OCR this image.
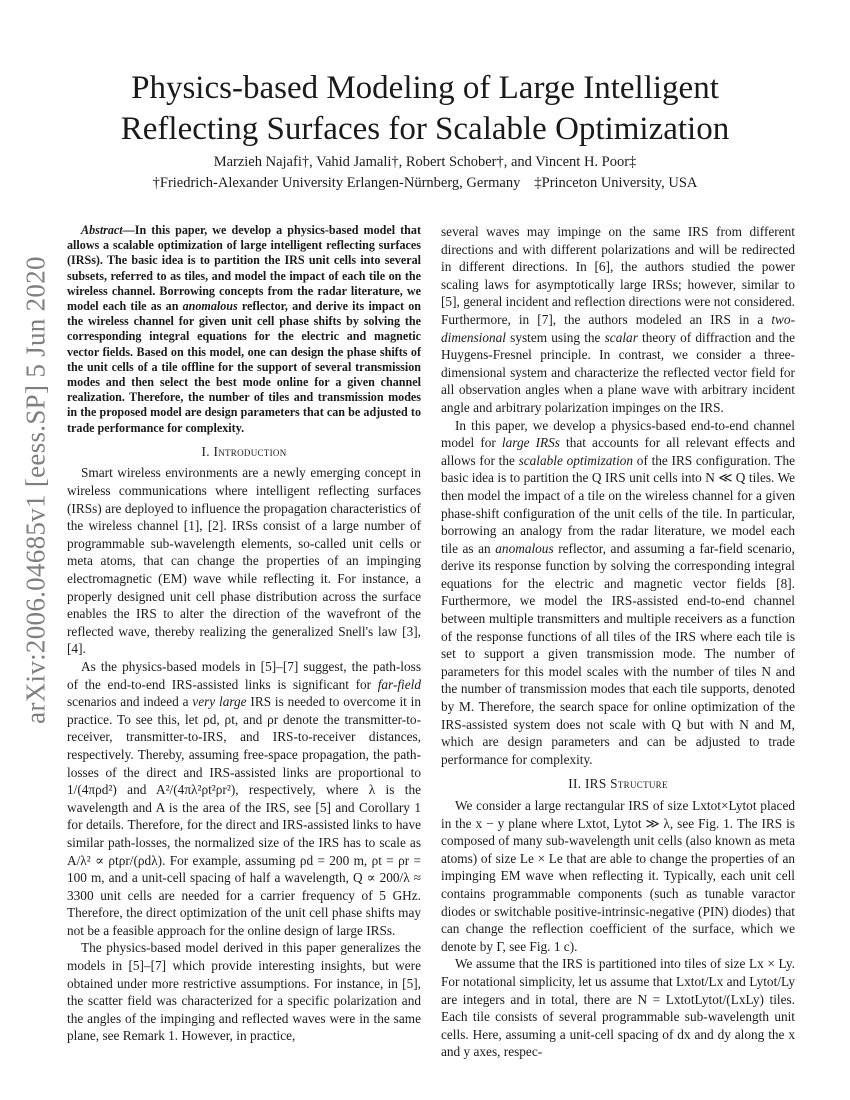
arXiv:2006.04685v1 [eess.SP] 5 Jun 2020
Physics-based Modeling of Large Intelligent
Reflecting Surfaces for Scalable Optimization
Marzieh Najafi†, Vahid Jamali†, Robert Schober†, and Vincent H. Poor‡
†Friedrich-Alexander University Erlangen-Nürnberg, Germany ‡Princeton University, USA

Abstract—In this paper, we develop a physics-based model that allows a scalable optimization of large intelligent reflecting surfaces (IRSs). The basic idea is to partition the IRS unit cells into several subsets, referred to as tiles, and model the impact of each tile on the wireless channel. Borrowing concepts from the radar literature, we model each tile as an anomalous reflector, and derive its impact on the wireless channel for given unit cell phase shifts by solving the corresponding integral equations for the electric and magnetic vector fields. Based on this model, one can design the phase shifts of the unit cells of a tile offline for the support of several transmission modes and then select the best mode online for a given channel realization. Therefore, the number of tiles and transmission modes in the proposed model are design parameters that can be adjusted to trade performance for complexity.

I. Introduction

Smart wireless environments are a newly emerging concept in wireless communications where intelligent reflecting surfaces (IRSs) are deployed to influence the propagation characteristics of the wireless channel [1], [2]. IRSs consist of a large number of programmable sub-wavelength elements, so-called unit cells or meta atoms, that can change the properties of an impinging electromagnetic (EM) wave while reflecting it. For instance, a properly designed unit cell phase distribution across the surface enables the IRS to alter the direction of the wavefront of the reflected wave, thereby realizing the generalized Snell's law [3], [4].

As the physics-based models in [5]–[7] suggest, the path-loss of the end-to-end IRS-assisted links is significant for far-field scenarios and indeed a very large IRS is needed to overcome it in practice. To see this, let ρd, ρt, and ρr denote the transmitter-to-receiver, transmitter-to-IRS, and IRS-to-receiver distances, respectively. Thereby, assuming free-space propagation, the path-losses of the direct and IRS-assisted links are proportional to 1/(4πρd²) and A²/(4πλ²ρt²ρr²), respectively, where λ is the wavelength and A is the area of the IRS, see [5] and Corollary 1 for details. Therefore, for the direct and IRS-assisted links to have similar path-losses, the normalized size of the IRS has to scale as A/λ² ∝ ρtρr/(ρdλ). For example, assuming ρd = 200 m, ρt = ρr = 100 m, and a unit-cell spacing of half a wavelength, Q ∝ 200/λ ≈ 3300 unit cells are needed for a carrier frequency of 5 GHz. Therefore, the direct optimization of the unit cell phase shifts may not be a feasible approach for the online design of large IRSs.

The physics-based model derived in this paper generalizes the models in [5]–[7] which provide interesting insights, but were obtained under more restrictive assumptions. For instance, in [5], the scatter field was characterized for a specific polarization and the angles of the impinging and reflected waves were in the same plane, see Remark 1. However, in practice,

several waves may impinge on the same IRS from different directions and with different polarizations and will be redirected in different directions. In [6], the authors studied the power scaling laws for asymptotically large IRSs; however, similar to [5], general incident and reflection directions were not considered. Furthermore, in [7], the authors modeled an IRS in a two-dimensional system using the scalar theory of diffraction and the Huygens-Fresnel principle. In contrast, we consider a three-dimensional system and characterize the reflected vector field for all observation angles when a plane wave with arbitrary incident angle and arbitrary polarization impinges on the IRS.

In this paper, we develop a physics-based end-to-end channel model for large IRSs that accounts for all relevant effects and allows for the scalable optimization of the IRS configuration. The basic idea is to partition the Q IRS unit cells into N ≪ Q tiles. We then model the impact of a tile on the wireless channel for a given phase-shift configuration of the unit cells of the tile. In particular, borrowing an analogy from the radar literature, we model each tile as an anomalous reflector, and assuming a far-field scenario, derive its response function by solving the corresponding integral equations for the electric and magnetic vector fields [8]. Furthermore, we model the IRS-assisted end-to-end channel between multiple transmitters and multiple receivers as a function of the response functions of all tiles of the IRS where each tile is set to support a given transmission mode. The number of parameters for this model scales with the number of tiles N and the number of transmission modes that each tile supports, denoted by M. Therefore, the search space for online optimization of the IRS-assisted system does not scale with Q but with N and M, which are design parameters and can be adjusted to trade performance for complexity.

II. IRS Structure

We consider a large rectangular IRS of size Lxtot×Lytot placed in the x − y plane where Lxtot, Lytot ≫ λ, see Fig. 1. The IRS is composed of many sub-wavelength unit cells (also known as meta atoms) of size Le × Le that are able to change the properties of an impinging EM wave when reflecting it. Typically, each unit cell contains programmable components (such as tunable varactor diodes or switchable positive-intrinsic-negative (PIN) diodes) that can change the reflection coefficient of the surface, which we denote by Γ, see Fig. 1 c).

We assume that the IRS is partitioned into tiles of size Lx × Ly. For notational simplicity, let us assume that Lxtot/Lx and Lytot/Ly are integers and in total, there are N = LxtotLytot/(LxLy) tiles. Each tile consists of several programmable sub-wavelength unit cells. Here, assuming a unit-cell spacing of dx and dy along the x and y axes, respec-
